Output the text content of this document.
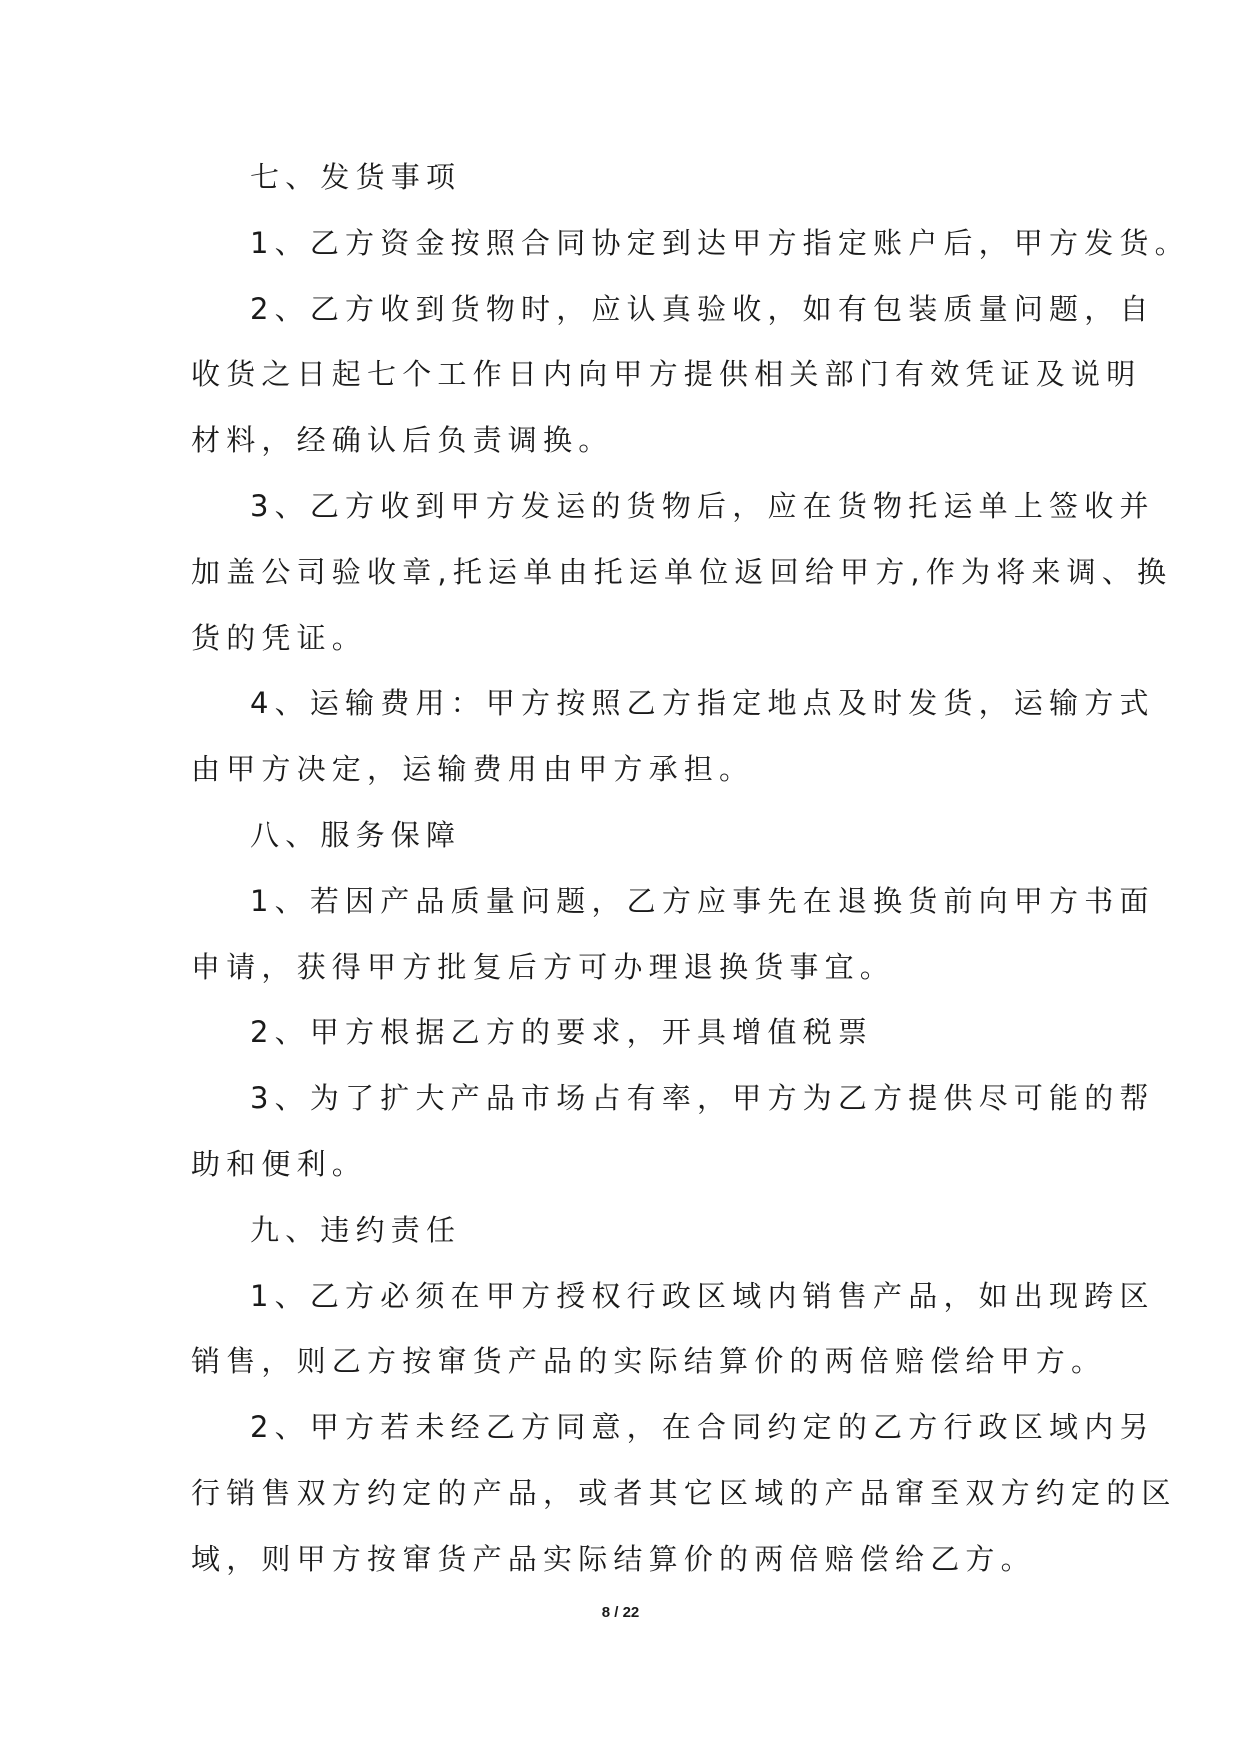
七、发货事项
1、乙方资金按照合同协定到达甲方指定账户后，甲方发货。
2、乙方收到货物时，应认真验收，如有包装质量问题，自
收货之日起七个工作日内向甲方提供相关部门有效凭证及说明
材料，经确认后负责调换。
3、乙方收到甲方发运的货物后，应在货物托运单上签收并
加盖公司验收章,托运单由托运单位返回给甲方,作为将来调、换
货的凭证。
4、运输费用：甲方按照乙方指定地点及时发货，运输方式
由甲方决定，运输费用由甲方承担。
八、服务保障
1、若因产品质量问题，乙方应事先在退换货前向甲方书面
申请，获得甲方批复后方可办理退换货事宜。
2、甲方根据乙方的要求，开具增值税票
3、为了扩大产品市场占有率，甲方为乙方提供尽可能的帮
助和便利。
九、违约责任
1、乙方必须在甲方授权行政区域内销售产品，如出现跨区
销售，则乙方按窜货产品的实际结算价的两倍赔偿给甲方。
2、甲方若未经乙方同意，在合同约定的乙方行政区域内另
行销售双方约定的产品，或者其它区域的产品窜至双方约定的区
域，则甲方按窜货产品实际结算价的两倍赔偿给乙方。
8 / 22
